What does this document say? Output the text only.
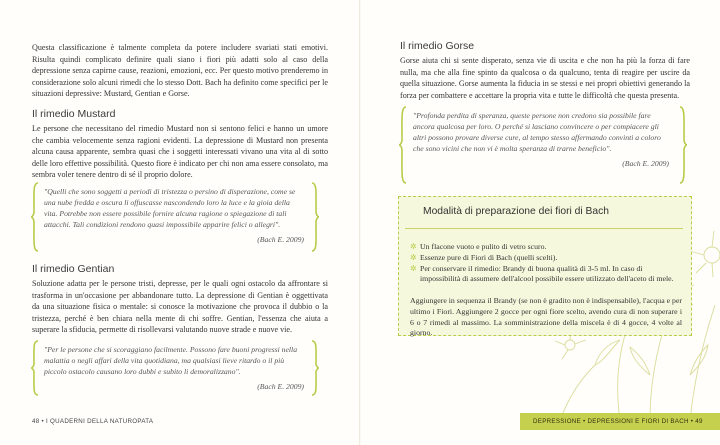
Questa classificazione è talmente completa da potere includere svariati stati emotivi. Risulta quindi complicato definire quali siano i fiori più adatti solo al caso della depressione senza capirne cause, reazioni, emozioni, ecc. Per questo motivo prenderemo in considerazione solo alcuni rimedi che lo stesso Dott. Bach ha definito come specifici per le situazioni depressive: Mustard, Gentian e Gorse.

Il rimedio Mustard

Le persone che necessitano del rimedio Mustard non si sentono felici e hanno un umore che cambia velocemente senza ragioni evidenti. La depressione di Mustard non presenta alcuna causa apparente, sembra quasi che i soggetti interessati vivano una vita al di sotto delle loro effettive possibilità. Questo fiore è indicato per chi non ama essere consolato, ma sembra voler tenere dentro di sé il proprio dolore.

"Quelli che sono soggetti a periodi di tristezza o persino di disperazione, come se una nube fredda e oscura li offuscasse nascondendo loro la luce e la gioia della vita. Potrebbe non essere possibile fornire alcuna ragione o spiegazione di tali attacchi. Tali condizioni rendono quasi impossibile apparire felici o allegri".

(Bach E. 2009)

Il rimedio Gentian

Soluzione adatta per le persone tristi, depresse, per le quali ogni ostacolo da affrontare si trasforma in un'occasione per abbandonare tutto. La depressione di Gentian è oggettivata da una situazione fisica o mentale: si conosce la motivazione che provoca il dubbio o la tristezza, perché è ben chiara nella mente di chi soffre. Gentian, l'essenza che aiuta a superare la sfiducia, permette di risollevarsi valutando nuove strade e nuove vie.

"Per le persone che si scoraggiano facilmente. Possono fare buoni progressi nella malattia o negli affari della vita quotidiana, ma qualsiasi lieve ritardo o il più piccolo ostacolo causano loro dubbi e subito li demoralizzano".

(Bach E. 2009)

48 • I QUADERNI DELLA NATUROPATA
Il rimedio Gorse

Gorse aiuta chi si sente disperato, senza vie di uscita e che non ha più la forza di fare nulla, ma che alla fine spinto da qualcosa o da qualcuno, tenta di reagire per uscire da quella situazione. Gorse aumenta la fiducia in se stessi e nei propri obiettivi generando la forza per combattere e accettare la propria vita e tutte le difficoltà che questa presenta.

"Profonda perdita di speranza, queste persone non credono sia possibile fare ancora qualcosa per loro. O perché si lasciano convincere o per compiacere gli altri possono provare diverse cure, al tempo stesso affermando convinti a coloro che sono vicini che non vi è molta speranza di trarne beneficio".

(Bach E. 2009)

Modalità di preparazione dei fiori di Bach
✲ Un flacone vuoto e pulito di vetro scuro.
✲ Essenze pure di Fiori di Bach (quelli scelti).
✲ Per conservare il rimedio: Brandy di buona qualità di 3-5 ml. In caso di impossibilità di assumere dell'alcool possibile essere utilizzato dell'aceto di mele.

Aggiungere in sequenza il Brandy (se non è gradito non è indispensabile), l'acqua e per ultimo i Fiori. Aggiungere 2 gocce per ogni fiore scelto, avendo cura di non superare i 6 o 7 rimedi al massimo. La somministrazione della miscela è di 4 gocce, 4 volte al giorno.

DEPRESSIONE • DEPRESSIONI E FIORI DI BACH • 49
